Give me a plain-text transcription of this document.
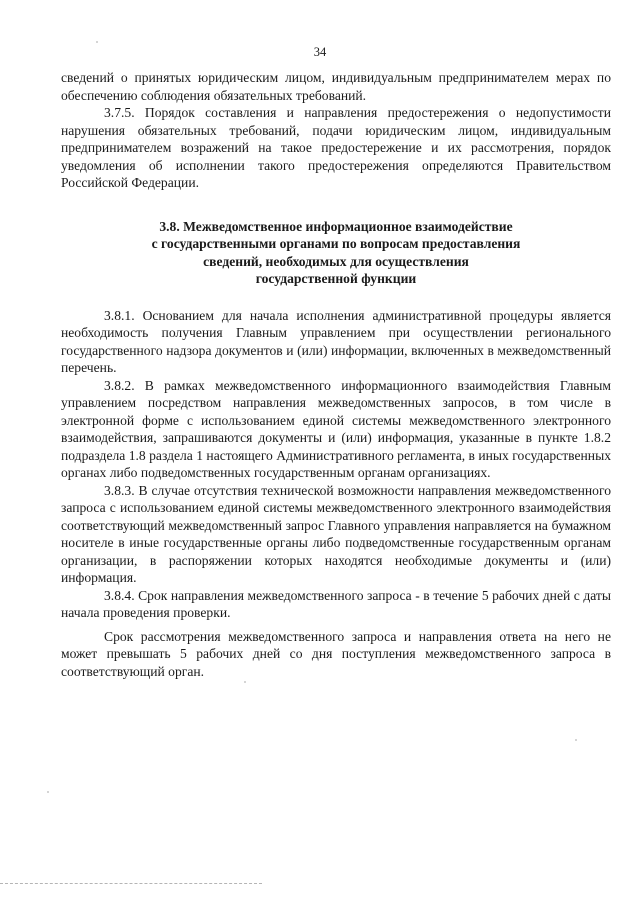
34

сведений о принятых юридическим лицом, индивидуальным предпринимателем мерах по обеспечению соблюдения обязательных требований.

3.7.5. Порядок составления и направления предостережения о недопустимости нарушения обязательных требований, подачи юридическим лицом, индивидуальным предпринимателем возражений на такое предостережение и их рассмотрения, порядок уведомления об исполнении такого предостережения определяются Правительством Российской Федерации.

3.8. Межведомственное информационное взаимодействие
с государственными органами по вопросам предоставления
сведений, необходимых для осуществления
государственной функции

3.8.1. Основанием для начала исполнения административной процедуры является необходимость получения Главным управлением при осуществлении регионального государственного надзора документов и (или) информации, включенных в межведомственный перечень.

3.8.2. В рамках межведомственного информационного взаимодействия Главным управлением посредством направления межведомственных запросов, в том числе в электронной форме с использованием единой системы межведомственного электронного взаимодействия, запрашиваются документы и (или) информация, указанные в пункте 1.8.2 подраздела 1.8 раздела 1 настоящего Административного регламента, в иных государственных органах либо подведомственных государственным органам организациях.

3.8.3. В случае отсутствия технической возможности направления межведомственного запроса с использованием единой системы межведомственного электронного взаимодействия соответствующий межведомственный запрос Главного управления направляется на бумажном носителе в иные государственные органы либо подведомственные государственным органам организации, в распоряжении которых находятся необходимые документы и (или) информация.

3.8.4. Срок направления межведомственного запроса - в течение 5 рабочих дней с даты начала проведения проверки.

Срок рассмотрения межведомственного запроса и направления ответа на него не может превышать 5 рабочих дней со дня поступления межведомственного запроса в соответствующий орган.
